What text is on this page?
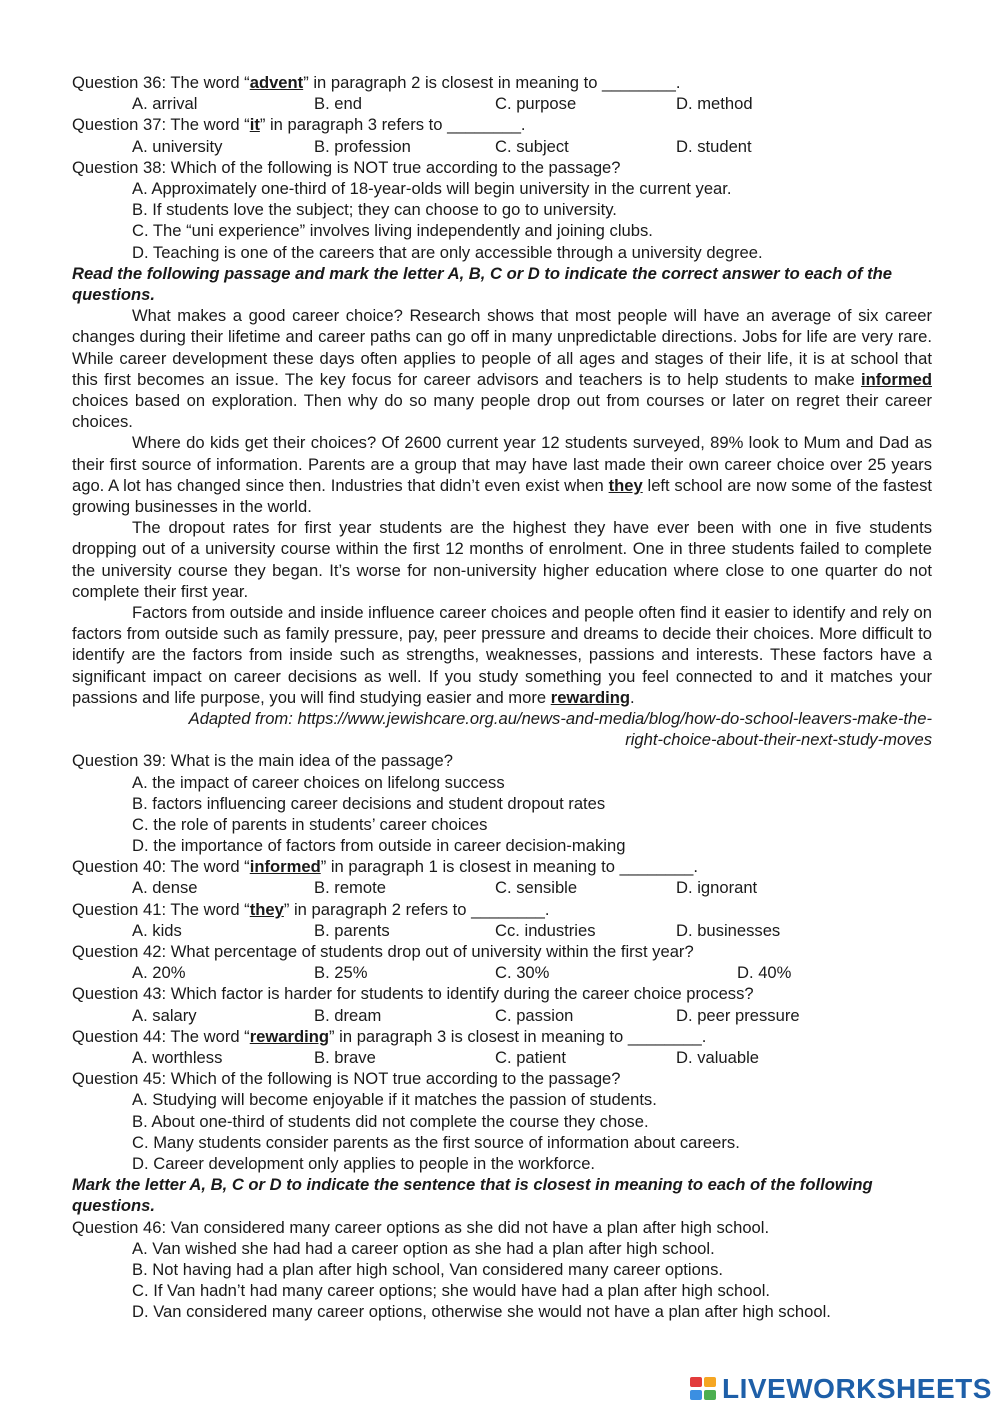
Question 36: The word “advent” in paragraph 2 is closest in meaning to ________.
A. arrival	B. end	C. purpose	D. method
Question 37: The word “it” in paragraph 3 refers to ________.
A. university	B. profession	C. subject	D. student
Question 38: Which of the following is NOT true according to the passage?
A. Approximately one-third of 18-year-olds will begin university in the current year.
B. If students love the subject; they can choose to go to university.
C. The “uni experience” involves living independently and joining clubs.
D. Teaching is one of the careers that are only accessible through a university degree.
Read the following passage and mark the letter A, B, C or D to indicate the correct answer to each of the questions.

What makes a good career choice? Research shows that most people will have an average of six career changes during their lifetime and career paths can go off in many unpredictable directions. Jobs for life are very rare. While career development these days often applies to people of all ages and stages of their life, it is at school that this first becomes an issue. The key focus for career advisors and teachers is to help students to make informed choices based on exploration. Then why do so many people drop out from courses or later on regret their career choices.

Where do kids get their choices? Of 2600 current year 12 students surveyed, 89% look to Mum and Dad as their first source of information. Parents are a group that may have last made their own career choice over 25 years ago. A lot has changed since then. Industries that didn’t even exist when they left school are now some of the fastest growing businesses in the world.

The dropout rates for first year students are the highest they have ever been with one in five students dropping out of a university course within the first 12 months of enrolment. One in three students failed to complete the university course they began. It’s worse for non-university higher education where close to one quarter do not complete their first year.

Factors from outside and inside influence career choices and people often find it easier to identify and rely on factors from outside such as family pressure, pay, peer pressure and dreams to decide their choices. More difficult to identify are the factors from inside such as strengths, weaknesses, passions and interests. These factors have a significant impact on career decisions as well. If you study something you feel connected to and it matches your passions and life purpose, you will find studying easier and more rewarding.

Adapted from: https://www.jewishcare.org.au/news-and-media/blog/how-do-school-leavers-make-the-
right-choice-about-their-next-study-moves
Question 39: What is the main idea of the passage?
A. the impact of career choices on lifelong success
B. factors influencing career decisions and student dropout rates
C. the role of parents in students’ career choices
D. the importance of factors from outside in career decision-making
Question 40: The word “informed” in paragraph 1 is closest in meaning to ________.
A. dense	B. remote	C. sensible	D. ignorant
Question 41: The word “they” in paragraph 2 refers to ________.
A. kids	B. parents	Cc. industries	D. businesses
Question 42: What percentage of students drop out of university within the first year?
A. 20%	B. 25%	C. 30%	D. 40%
Question 43: Which factor is harder for students to identify during the career choice process?
A. salary	B. dream	C. passion	D. peer pressure
Question 44: The word “rewarding” in paragraph 3 is closest in meaning to ________.
A. worthless	B. brave	C. patient	D. valuable
Question 45: Which of the following is NOT true according to the passage?
A. Studying will become enjoyable if it matches the passion of students.
B. About one-third of students did not complete the course they chose.
C. Many students consider parents as the first source of information about careers.
D. Career development only applies to people in the workforce.
Mark the letter A, B, C or D to indicate the sentence that is closest in meaning to each of the following questions.
Question 46: Van considered many career options as she did not have a plan after high school.
A. Van wished she had had a career option as she had a plan after high school.
B. Not having had a plan after high school, Van considered many career options.
C. If Van hadn’t had many career options; she would have had a plan after high school.
D. Van considered many career options, otherwise she would not have a plan after high school.
LIVEWORKSHEETS
